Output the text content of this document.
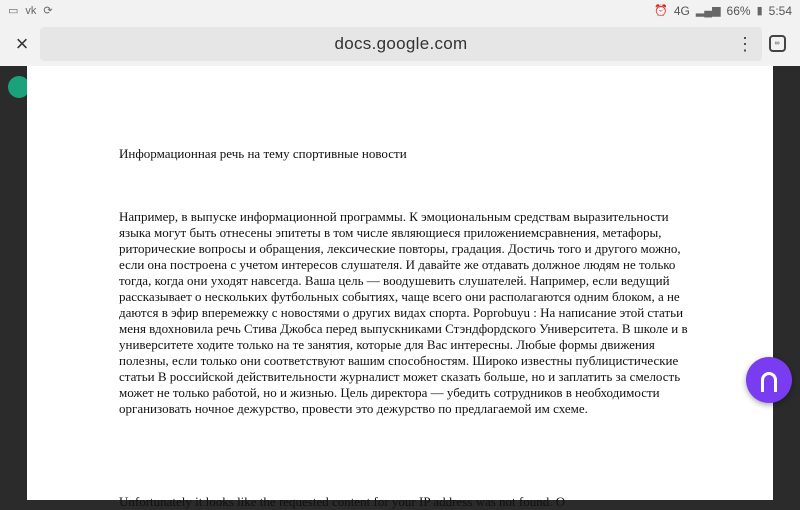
▭ vk ⟳	⏰ 4G ▂▄▆ 66% ▮ 5:54
×	docs.google.com	⋮	∞
Информационная речь на тему спортивные новости

Например, в выпуске информационной программы. К эмоциональным средствам выразительности языка могут быть отнесены эпитеты в том числе являющиеся приложениемсравнения, метафоры, риторические вопросы и обращения, лексические повторы, градация. Достичь того и другого можно, если она построена с учетом интересов слушателя. И давайте же отдавать должное людям не только тогда, когда они уходят навсегда. Ваша цель — воодушевить слушателей. Например, если ведущий рассказывает о нескольких футбольных событиях, чаще всего они располагаются одним блоком, а не даются в эфир вперемежку с новостями о других видах спорта. Poprobuyu : На написание этой статьи меня вдохновила речь Стива Джобса перед выпускниками Стэндфордского Университета. В школе и в университете ходите только на те занятия, которые для Вас интересны. Любые формы движения полезны, если только они соответствуют вашим способностям. Широко известны публицистические статьи В российской действительности журналист может сказать больше, но и заплатить за смелость может не только работой, но и жизнью. Цель директора — убедить сотрудников в необходимости организовать ночное дежурство, провести это дежурство по предлагаемой им схеме.

Unfortunately it looks like the requested content for your IP address was not found. O
